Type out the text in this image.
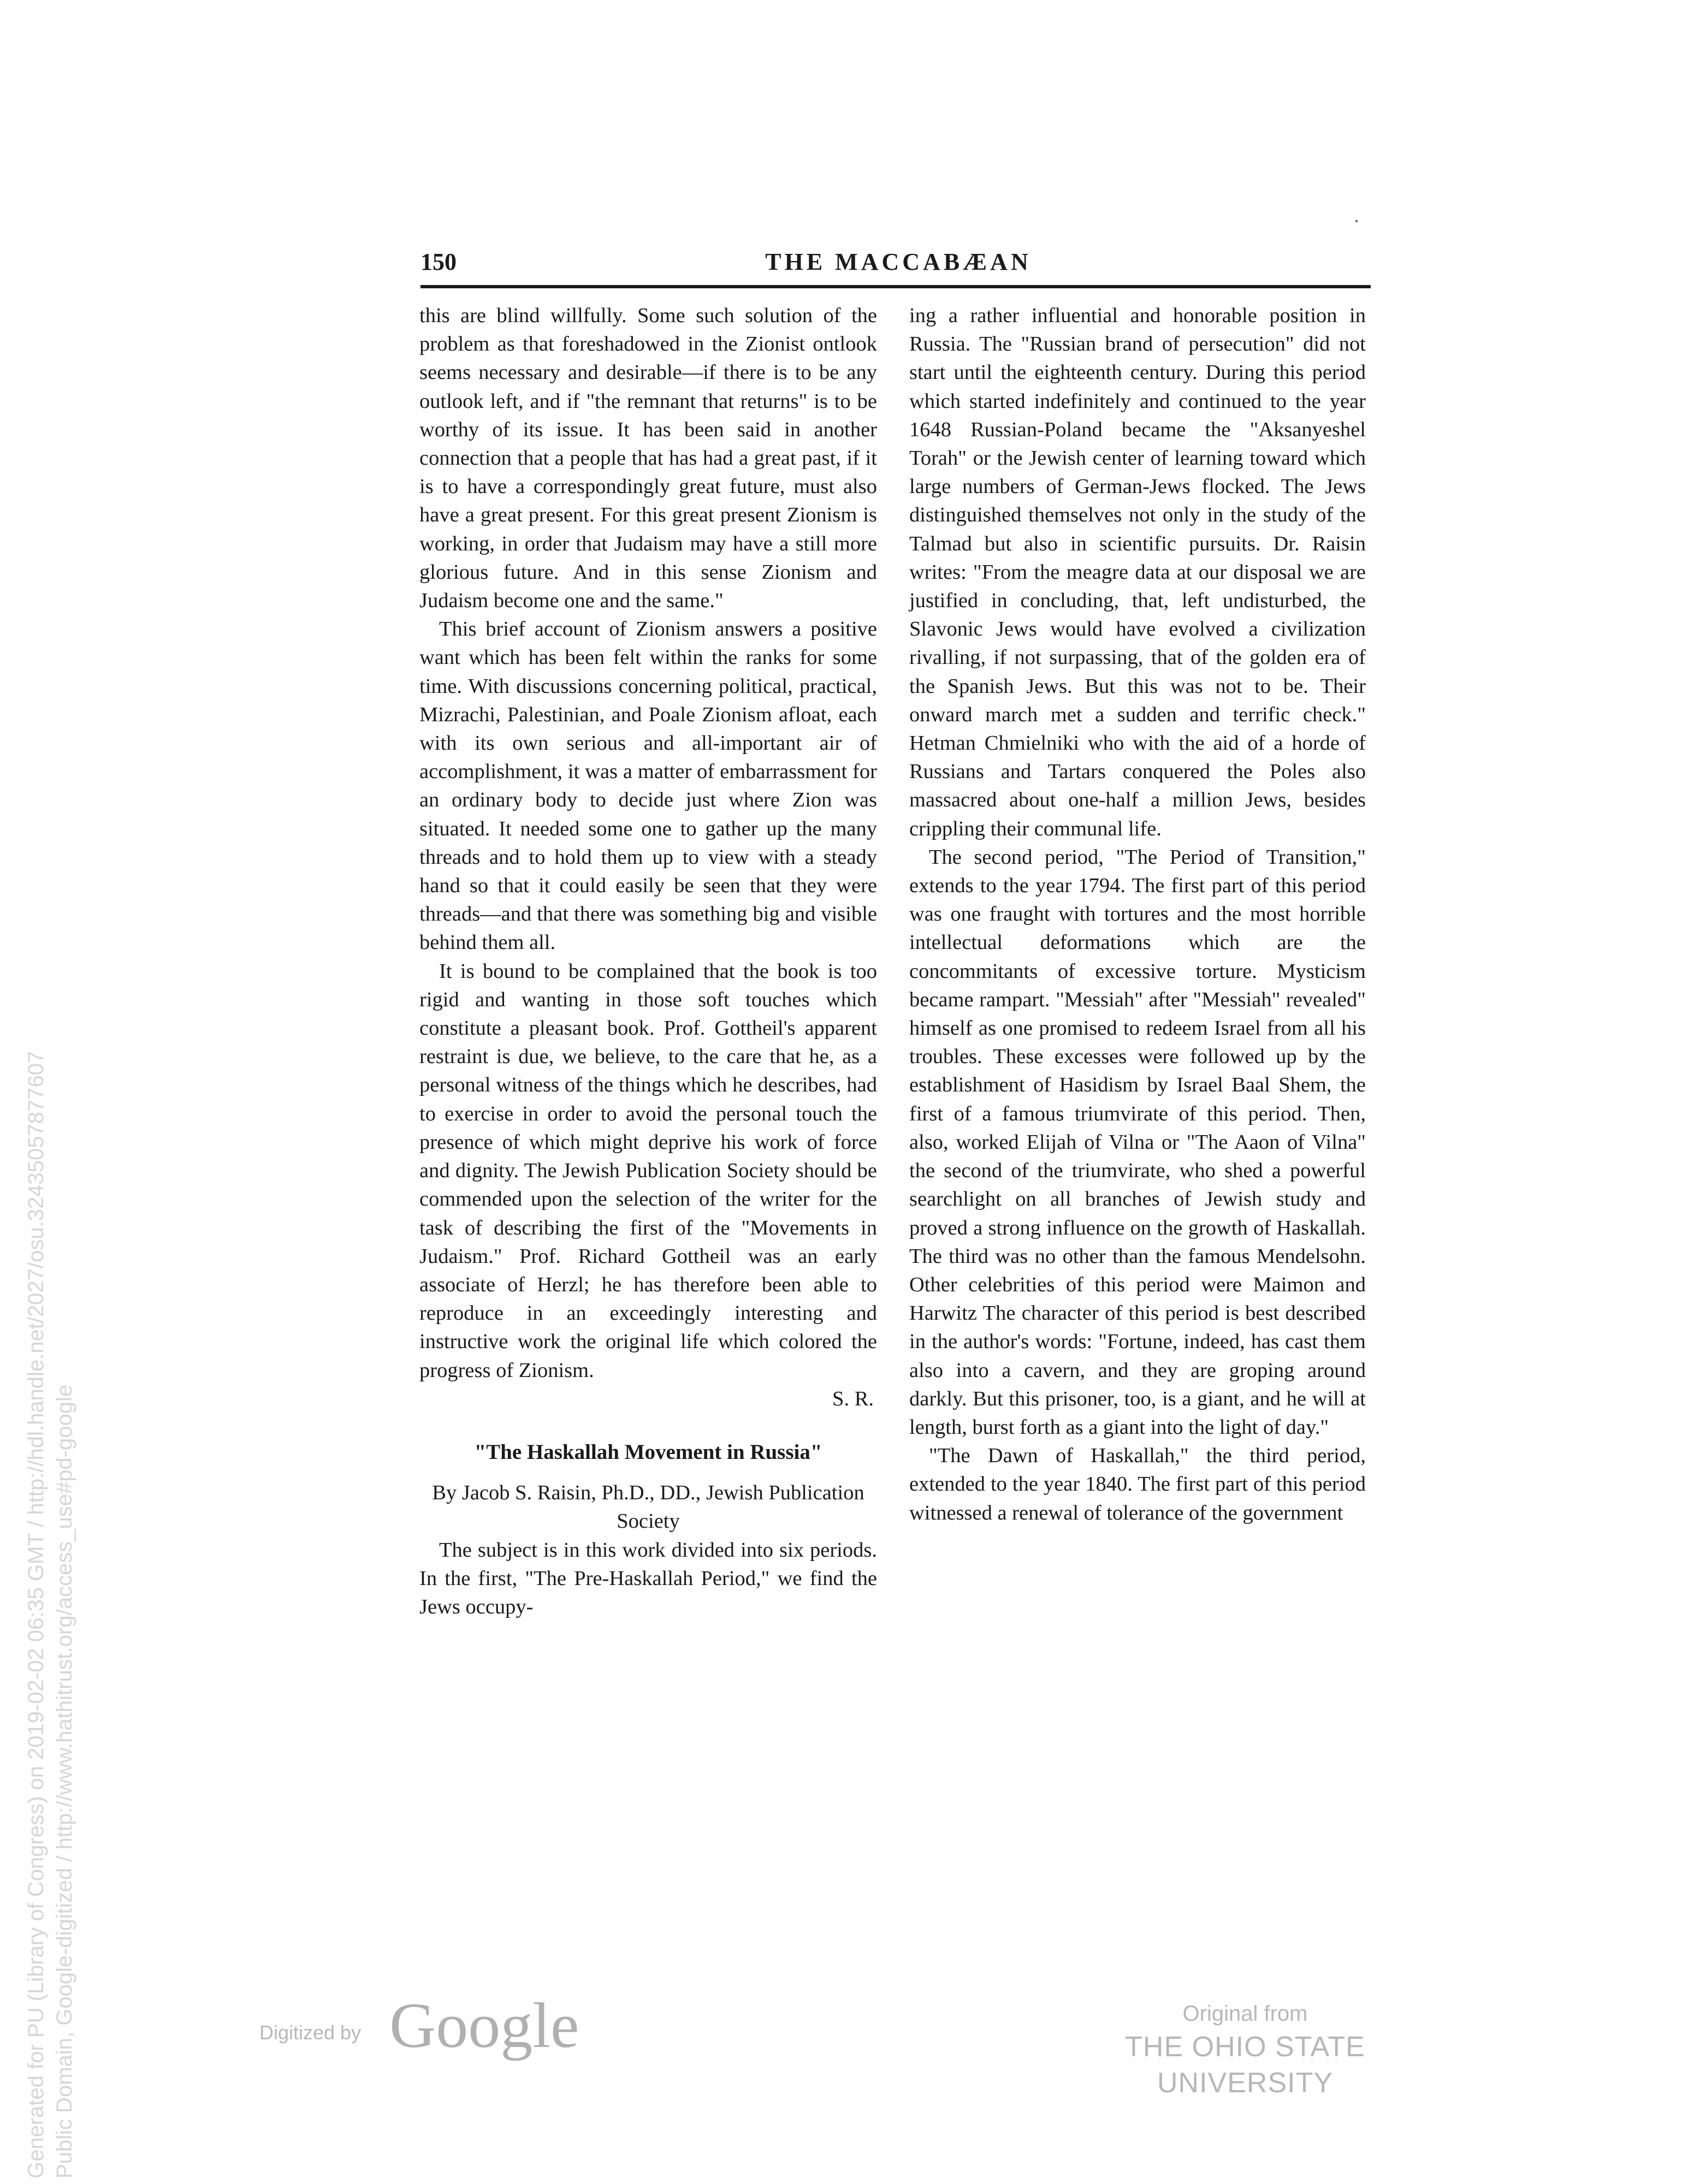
150	THE MACCABÆAN

this are blind willfully. Some such solution of the problem as that foreshadowed in the Zionist ontlook seems necessary and desirable—if there is to be any outlook left, and if "the remnant that returns" is to be worthy of its issue. It has been said in another connection that a people that has had a great past, if it is to have a correspondingly great future, must also have a great present. For this great present Zionism is working, in order that Judaism may have a still more glorious future. And in this sense Zionism and Judaism become one and the same."

This brief account of Zionism answers a positive want which has been felt within the ranks for some time. With discussions concerning political, practical, Mizrachi, Palestinian, and Poale Zionism afloat, each with its own serious and all-important air of accomplishment, it was a matter of embarrassment for an ordinary body to decide just where Zion was situated. It needed some one to gather up the many threads and to hold them up to view with a steady hand so that it could easily be seen that they were threads—and that there was something big and visible behind them all.

It is bound to be complained that the book is too rigid and wanting in those soft touches which constitute a pleasant book. Prof. Gottheil's apparent restraint is due, we believe, to the care that he, as a personal witness of the things which he describes, had to exercise in order to avoid the personal touch the presence of which might deprive his work of force and dignity. The Jewish Publication Society should be commended upon the selection of the writer for the task of describing the first of the "Movements in Judaism." Prof. Richard Gottheil was an early associate of Herzl; he has therefore been able to reproduce in an exceedingly interesting and instructive work the original life which colored the progress of Zionism.

S. R.

"The Haskallah Movement in Russia"

By Jacob S. Raisin, Ph.D., DD., Jewish Publication Society

The subject is in this work divided into six periods. In the first, "The Pre-Haskallah Period," we find the Jews occupy-

ing a rather influential and honorable position in Russia. The "Russian brand of persecution" did not start until the eighteenth century. During this period which started indefinitely and continued to the year 1648 Russian-Poland became the "Aksanyeshel Torah" or the Jewish center of learning toward which large numbers of German-Jews flocked. The Jews distinguished themselves not only in the study of the Talmad but also in scientific pursuits. Dr. Raisin writes: "From the meagre data at our disposal we are justified in concluding, that, left undisturbed, the Slavonic Jews would have evolved a civilization rivalling, if not surpassing, that of the golden era of the Spanish Jews. But this was not to be. Their onward march met a sudden and terrific check." Hetman Chmielniki who with the aid of a horde of Russians and Tartars conquered the Poles also massacred about one-half a million Jews, besides crippling their communal life.

The second period, "The Period of Transition," extends to the year 1794. The first part of this period was one fraught with tortures and the most horrible intellectual deformations which are the concommitants of excessive torture. Mysticism became rampart. "Messiah" after "Messiah" revealed" himself as one promised to redeem Israel from all his troubles. These excesses were followed up by the establishment of Hasidism by Israel Baal Shem, the first of a famous triumvirate of this period. Then, also, worked Elijah of Vilna or "The Aaon of Vilna" the second of the triumvirate, who shed a powerful searchlight on all branches of Jewish study and proved a strong influence on the growth of Haskallah. The third was no other than the famous Mendelsohn. Other celebrities of this period were Maimon and Harwitz The character of this period is best described in the author's words: "Fortune, indeed, has cast them also into a cavern, and they are groping around darkly. But this prisoner, too, is a giant, and he will at length, burst forth as a giant into the light of day."

"The Dawn of Haskallah," the third period, extended to the year 1840. The first part of this period witnessed a renewal of tolerance of the government

Generated for PU (Library of Congress) on 2019-02-02 06:35 GMT / http://hdl.handle.net/2027/osu.32435057877607 Public Domain, Google-digitized / http://www.hathitrust.org/access_use#pd-google	Digitized by Google	Original from
THE OHIO STATE UNIVERSITY
